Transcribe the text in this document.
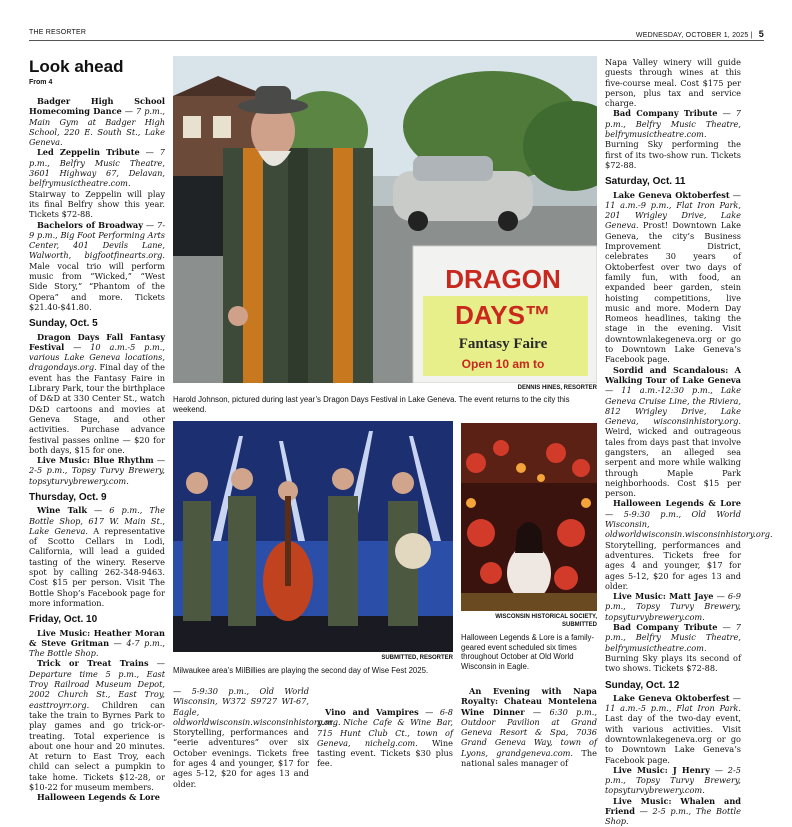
THE RESORTER	WEDNESDAY, OCTOBER 1, 2025 | 5
Look ahead
From 4

Badger High School Homecoming Dance — 7 p.m., Main Gym at Badger High School, 220 E. South St., Lake Geneva.

Led Zeppelin Tribute — 7 p.m., Belfry Music Theatre, 3601 Highway 67, Delavan, belfrymusictheatre.com. Stairway to Zeppelin will play its final Belfry show this year. Tickets $72-88.

Bachelors of Broadway — 7-9 p.m., Big Foot Performing Arts Center, 401 Devils Lane, Walworth, bigfootfinearts.org. Male vocal trio will perform music from “Wicked,” “West Side Story,” “Phantom of the Opera” and more. Tickets $21.40-$41.80.

Sunday, Oct. 5

Dragon Days Fall Fantasy Festival — 10 a.m.-5 p.m., various Lake Geneva locations, dragondays.org. Final day of the event has the Fantasy Faire in Library Park, tour the birthplace of D&D at 330 Center St., watch D&D cartoons and movies at Geneva Stage, and other activities. Purchase advance festival passes online — $20 for both days, $15 for one.

Live Music: Blue Rhythm — 2-5 p.m., Topsy Turvy Brewery, topsyturvybrewery.com.

Thursday, Oct. 9

Wine Talk — 6 p.m., The Bottle Shop, 617 W. Main St., Lake Geneva. A representative of Scotto Cellars in Lodi, California, will lead a guided tasting of the winery. Reserve spot by calling 262-348-9463. Cost $15 per person. Visit The Bottle Shop’s Facebook page for more information.

Friday, Oct. 10

Live Music: Heather Moran & Steve Gritman — 4-7 p.m., The Bottle Shop.

Trick or Treat Trains — Departure time 5 p.m., East Troy Railroad Museum Depot, 2002 Church St., East Troy, easttroyrr.org. Children can take the train to Byrnes Park to play games and go trick-or-treating. Total experience is about one hour and 20 minutes. At return to East Troy, each child can select a pumpkin to take home. Tickets $12-28, or $10-22 for museum members.

Halloween Legends & Lore

DRAGON
DAYS™
Fantasy Faire
Open 10 am to
DENNIS HINES, RESORTER
Harold Johnson, pictured during last year’s Dragon Days Festival in Lake Geneva. The event returns to the city this weekend.
SUBMITTED, RESORTER
Milwaukee area’s MilBillies are playing the second day of Wise Fest 2025.
WISCONSIN HISTORICAL SOCIETY, SUBMITTED
Halloween Legends & Lore is a family-geared event scheduled six times throughout October at Old World Wisconsin in Eagle.

— 5-9:30 p.m., Old World Wisconsin, W372 S9727 WI-67, Eagle, oldworldwisconsin.wisconsinhistory.org. Storytelling, performances and “eerie adventures” over six October evenings. Tickets free for ages 4 and younger, $17 for ages 5-12, $20 for ages 13 and older.

Vino and Vampires — 6-8 p.m., Niche Cafe & Wine Bar, 715 Hunt Club Ct., town of Geneva, nichelg.com. Wine tasting event. Tickets $30 plus fee.

An Evening with Napa Royalty: Chateau Montelena Wine Dinner — 6:30 p.m., Outdoor Pavilion at Grand Geneva Resort & Spa, 7036 Grand Geneva Way, town of Lyons, grandgeneva.com. The national sales manager of

Napa Valley winery will guide guests through wines at this five-course meal. Cost $175 per person, plus tax and service charge.

Bad Company Tribute — 7 p.m., Belfry Music Theatre, belfrymusictheatre.com. Burning Sky performing the first of its two-show run. Tickets $72-88.

Saturday, Oct. 11

Lake Geneva Oktoberfest — 11 a.m.-9 p.m., Flat Iron Park, 201 Wrigley Drive, Lake Geneva. Prost! Downtown Lake Geneva, the city’s Business Improvement District, celebrates 30 years of Oktoberfest over two days of family fun, with food, an expanded beer garden, stein hoisting competitions, live music and more. Modern Day Romeos headlines, taking the stage in the evening. Visit downtownlakegeneva.org or go to Downtown Lake Geneva’s Facebook page.

Sordid and Scandalous: A Walking Tour of Lake Geneva — 11 a.m.-12:30 p.m., Lake Geneva Cruise Line, the Riviera, 812 Wrigley Drive, Lake Geneva, wisconsinhistory.org. Weird, wicked and outrageous tales from days past that involve gangsters, an alleged sea serpent and more while walking through Maple Park neighborhoods. Cost $15 per person.

Halloween Legends & Lore — 5-9:30 p.m., Old World Wisconsin, oldworldwisconsin.wisconsinhistory.org. Storytelling, performances and adventures. Tickets free for ages 4 and younger, $17 for ages 5-12, $20 for ages 13 and older.

Live Music: Matt Jaye — 6-9 p.m., Topsy Turvy Brewery, topsyturvybrewery.com.

Bad Company Tribute — 7 p.m., Belfry Music Theatre, belfrymusictheatre.com. Burning Sky plays its second of two shows. Tickets $72-88.

Sunday, Oct. 12

Lake Geneva Oktoberfest — 11 a.m.-5 p.m., Flat Iron Park. Last day of the two-day event, with various activities. Visit downtownlakegeneva.org or go to Downtown Lake Geneva’s Facebook page.

Live Music: J Henry — 2-5 p.m., Topsy Turvy Brewery, topsyturvybrewery.com.

Live Music: Whalen and Friend — 2-5 p.m., The Bottle Shop.
